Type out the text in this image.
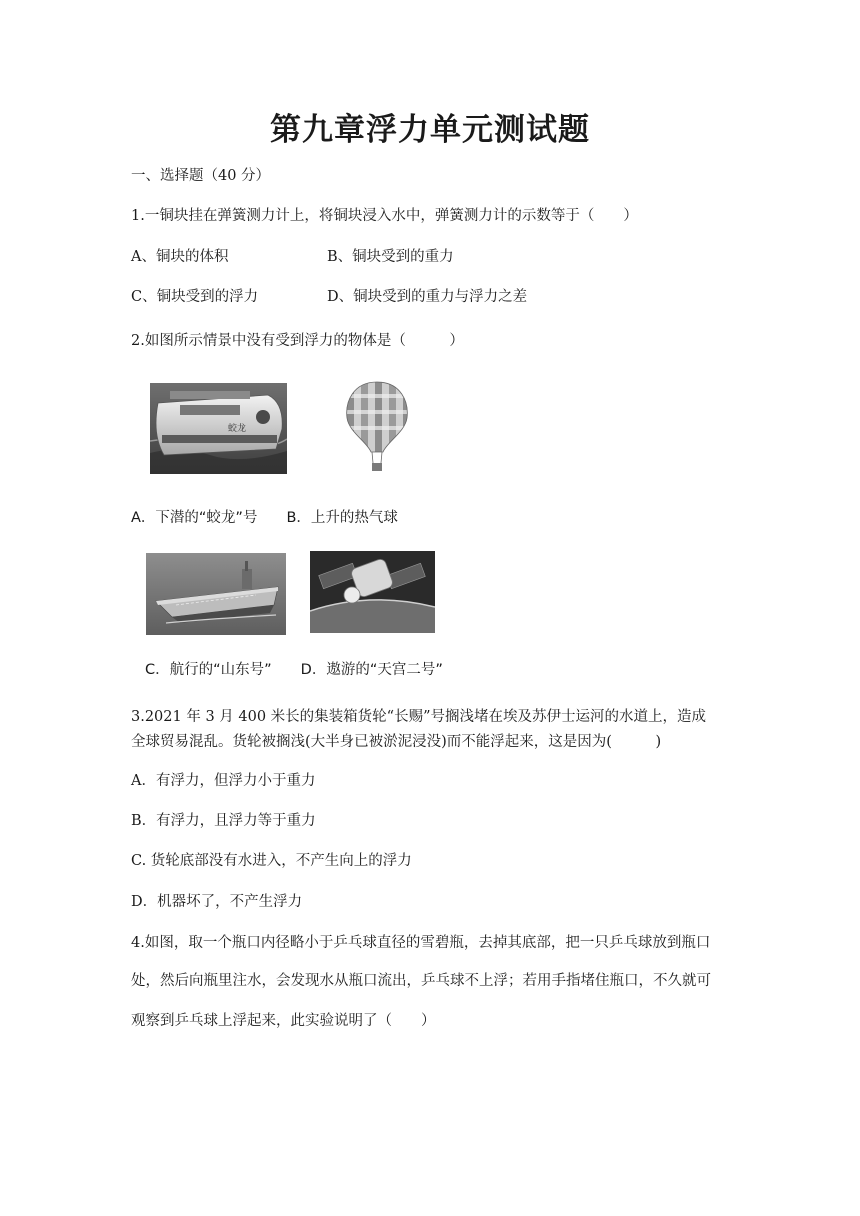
第九章浮力单元测试题
一、选择题（40 分）
1.一铜块挂在弹簧测力计上，将铜块浸入水中，弹簧测力计的示数等于（　　）
A、铜块的体积	B、铜块受到的重力
C、铜块受到的浮力	D、铜块受到的重力与浮力之差
2.如图所示情景中没有受到浮力的物体是（　　　）
蛟龙
A．下潜的“蛟龙”号　　B．上升的热气球
C．航行的“山东号”　　D．遨游的“天宫二号”
3.2021 年 3 月 400 米长的集装箱货轮“长赐”号搁浅堵在埃及苏伊士运河的水道上，造成
全球贸易混乱。货轮被搁浅(大半身已被淤泥浸没)而不能浮起来，这是因为(　　　)
A．有浮力，但浮力小于重力
B．有浮力，且浮力等于重力
C. 货轮底部没有水进入，不产生向上的浮力
D．机器坏了，不产生浮力
4.如图，取一个瓶口内径略小于乒乓球直径的雪碧瓶，去掉其底部，把一只乒乓球放到瓶口
处，然后向瓶里注水，会发现水从瓶口流出，乒乓球不上浮；若用手指堵住瓶口，不久就可
观察到乒乓球上浮起来，此实验说明了（　　）
